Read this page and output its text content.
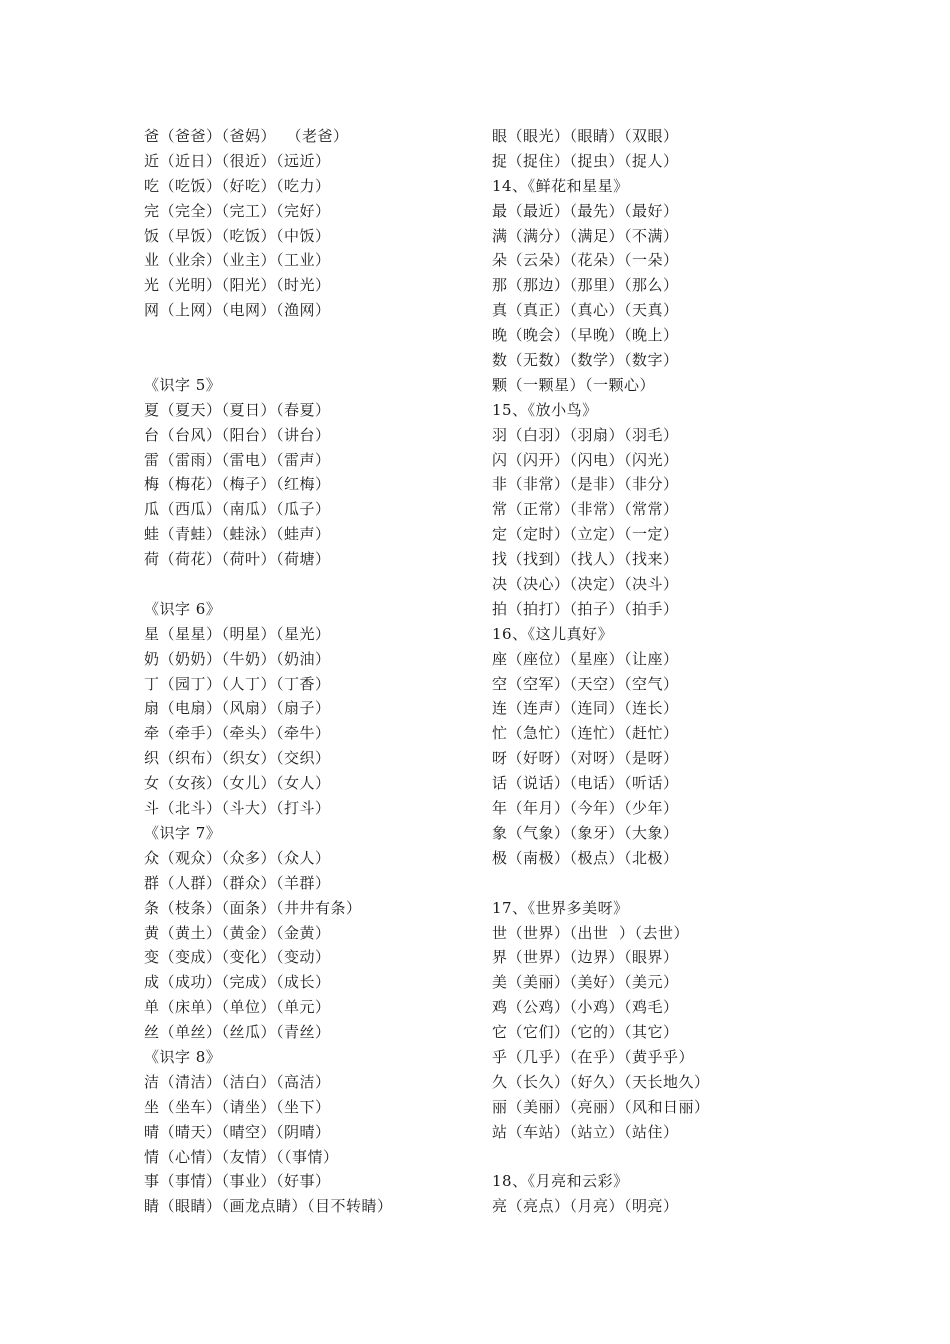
爸（爸爸）（爸妈）  （老爸）
近（近日）（很近）（远近）
吃（吃饭）（好吃）（吃力）
完（完全）（完工）（完好）
饭（早饭）（吃饭）（中饭）
业（业余）（业主）（工业）
光（光明）（阳光）（时光）
网（上网）（电网）（渔网）
《识字 5》
夏（夏天）（夏日）（春夏）
台（台风）（阳台）（讲台）
雷（雷雨）（雷电）（雷声）
梅（梅花）（梅子）（红梅）
瓜（西瓜）（南瓜）（瓜子）
蛙（青蛙）（蛙泳）（蛙声）
荷（荷花）（荷叶）（荷塘）
《识字 6》
星（星星）（明星）（星光）
奶（奶奶）（牛奶）（奶油）
丁（园丁）（人丁）（丁香）
扇（电扇）（风扇）（扇子）
牵（牵手）（牵头）（牵牛）
织（织布）（织女）（交织）
女（女孩）（女儿）（女人）
斗（北斗）（斗大）（打斗）
《识字 7》
众（观众）（众多）（众人）
群（人群）（群众）（羊群）
条（枝条）（面条）（井井有条）
黄（黄土）（黄金）（金黄）
变（变成）（变化）（变动）
成（成功）（完成）（成长）
单（床单）（单位）（单元）
丝（单丝）（丝瓜）（青丝）
《识字 8》
洁（清洁）（洁白）（高洁）
坐（坐车）（请坐）（坐下）
晴（晴天）（晴空）（阴晴）
情（心情）（友情）（（事情）
事（事情）（事业）（好事）
睛（眼睛）（画龙点睛）（目不转睛）
眼（眼光）（眼睛）（双眼）
捉（捉住）（捉虫）（捉人）
14、《鲜花和星星》
最（最近）（最先）（最好）
满（满分）（满足）（不满）
朵（云朵）（花朵）（一朵）
那（那边）（那里）（那么）
真（真正）（真心）（天真）
晚（晚会）（早晚）（晚上）
数（无数）（数学）（数字）
颗（一颗星）（一颗心）
15、《放小鸟》
羽（白羽）（羽扇）（羽毛）
闪（闪开）（闪电）（闪光）
非（非常）（是非）（非分）
常（正常）（非常）（常常）
定（定时）（立定）（一定）
找（找到）（找人）（找来）
决（决心）（决定）（决斗）
拍（拍打）（拍子）（拍手）
16、《这儿真好》
座（座位）（星座）（让座）
空（空军）（天空）（空气）
连（连声）（连同）（连长）
忙（急忙）（连忙）（赶忙）
呀（好呀）（对呀）（是呀）
话（说话）（电话）（听话）
年（年月）（今年）（少年）
象（气象）（象牙）（大象）
极（南极）（极点）（北极）
17、《世界多美呀》
世（世界）（出世  ）（去世）
界（世界）（边界）（眼界）
美（美丽）（美好）（美元）
鸡（公鸡）（小鸡）（鸡毛）
它（它们）（它的）（其它）
乎（几乎）（在乎）（黄乎乎）
久（长久）（好久）（天长地久）
丽（美丽）（亮丽）（风和日丽）
站（车站）（站立）（站住）
18、《月亮和云彩》
亮（亮点）（月亮）（明亮）
